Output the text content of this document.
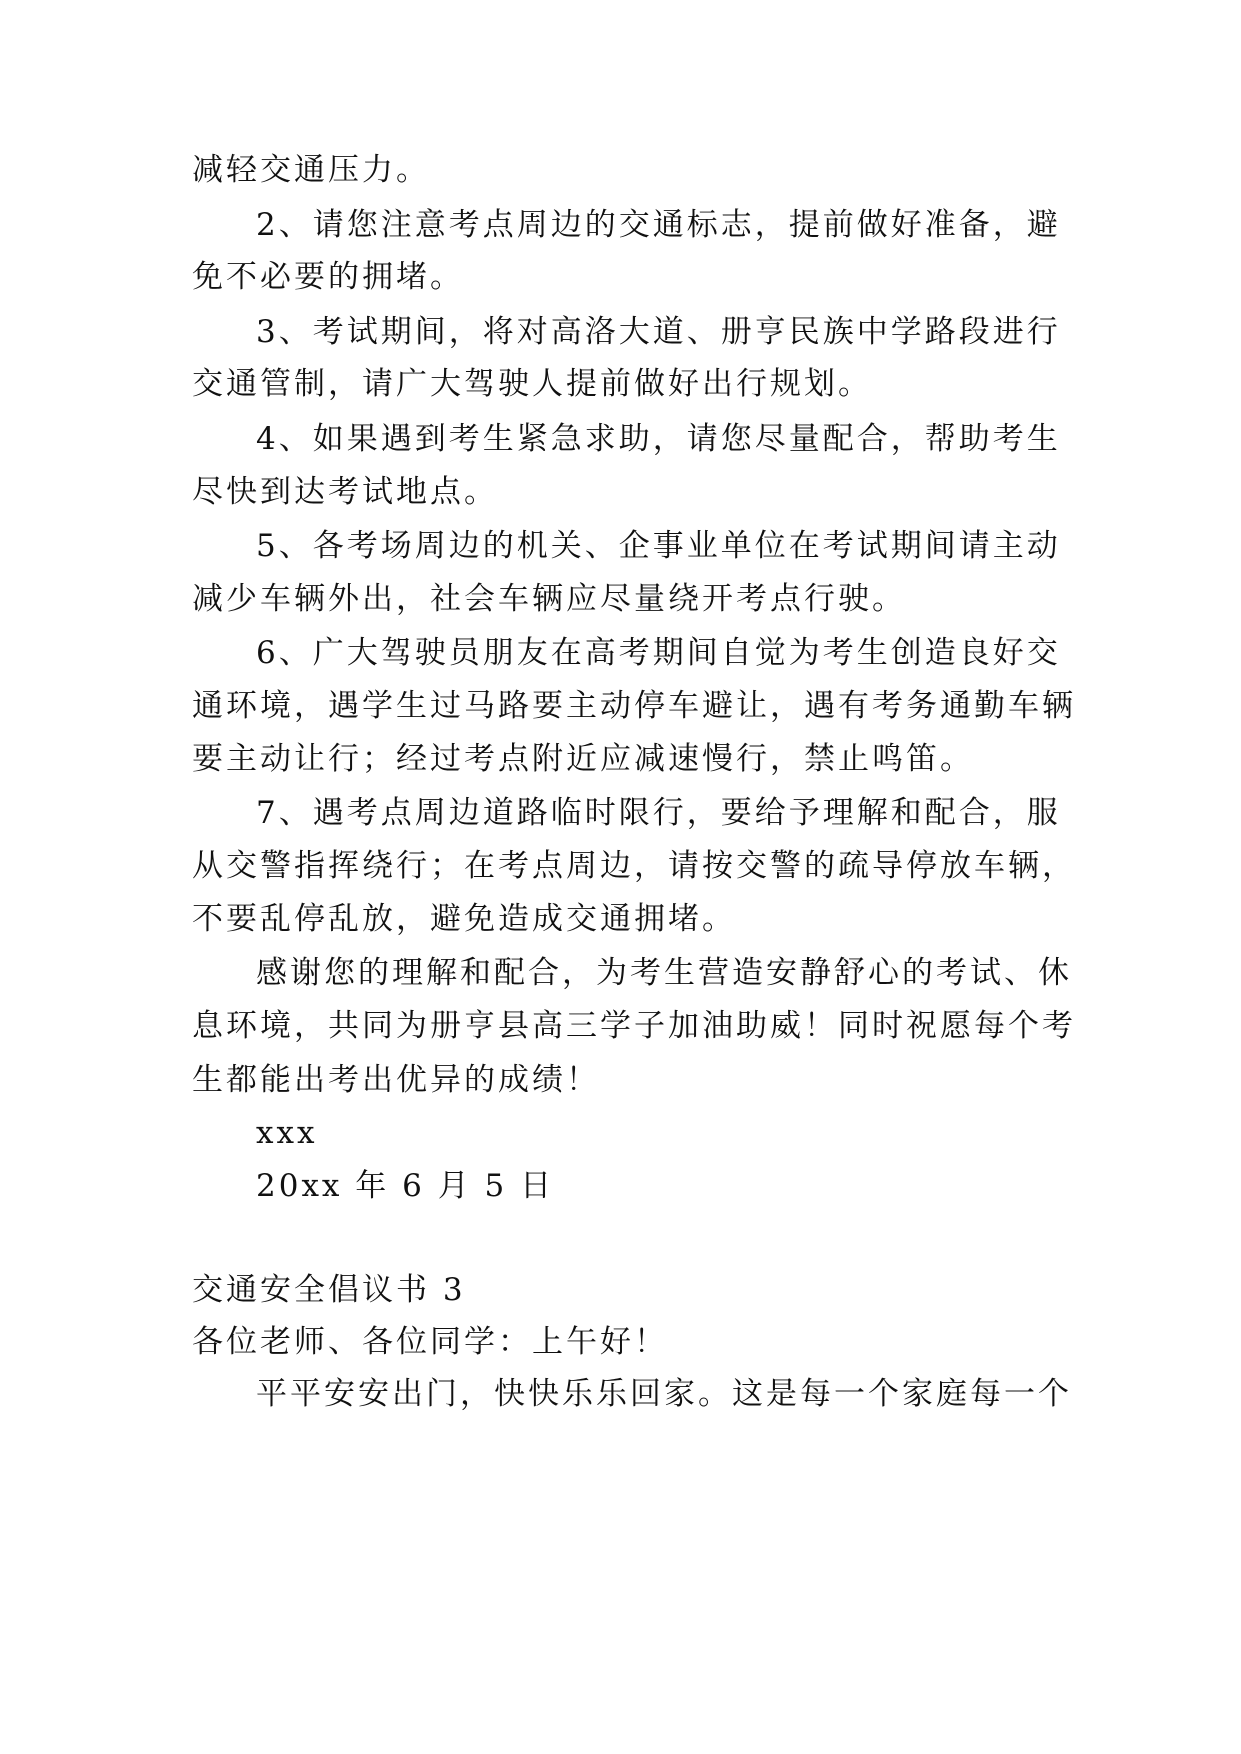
减轻交通压力。
2、请您注意考点周边的交通标志，提前做好准备，避
免不必要的拥堵。
3、考试期间，将对高洛大道、册亨民族中学路段进行
交通管制，请广大驾驶人提前做好出行规划。
4、如果遇到考生紧急求助，请您尽量配合，帮助考生
尽快到达考试地点。
5、各考场周边的机关、企事业单位在考试期间请主动
减少车辆外出，社会车辆应尽量绕开考点行驶。
6、广大驾驶员朋友在高考期间自觉为考生创造良好交
通环境，遇学生过马路要主动停车避让，遇有考务通勤车辆
要主动让行；经过考点附近应减速慢行，禁止鸣笛。
7、遇考点周边道路临时限行，要给予理解和配合，服
从交警指挥绕行；在考点周边，请按交警的疏导停放车辆，
不要乱停乱放，避免造成交通拥堵。
感谢您的理解和配合，为考生营造安静舒心的考试、休
息环境，共同为册亨县高三学子加油助威！同时祝愿每个考
生都能出考出优异的成绩！
xxx
20xx 年 6 月 5 日
交通安全倡议书 3
各位老师、各位同学：上午好！
平平安安出门，快快乐乐回家。这是每一个家庭每一个
